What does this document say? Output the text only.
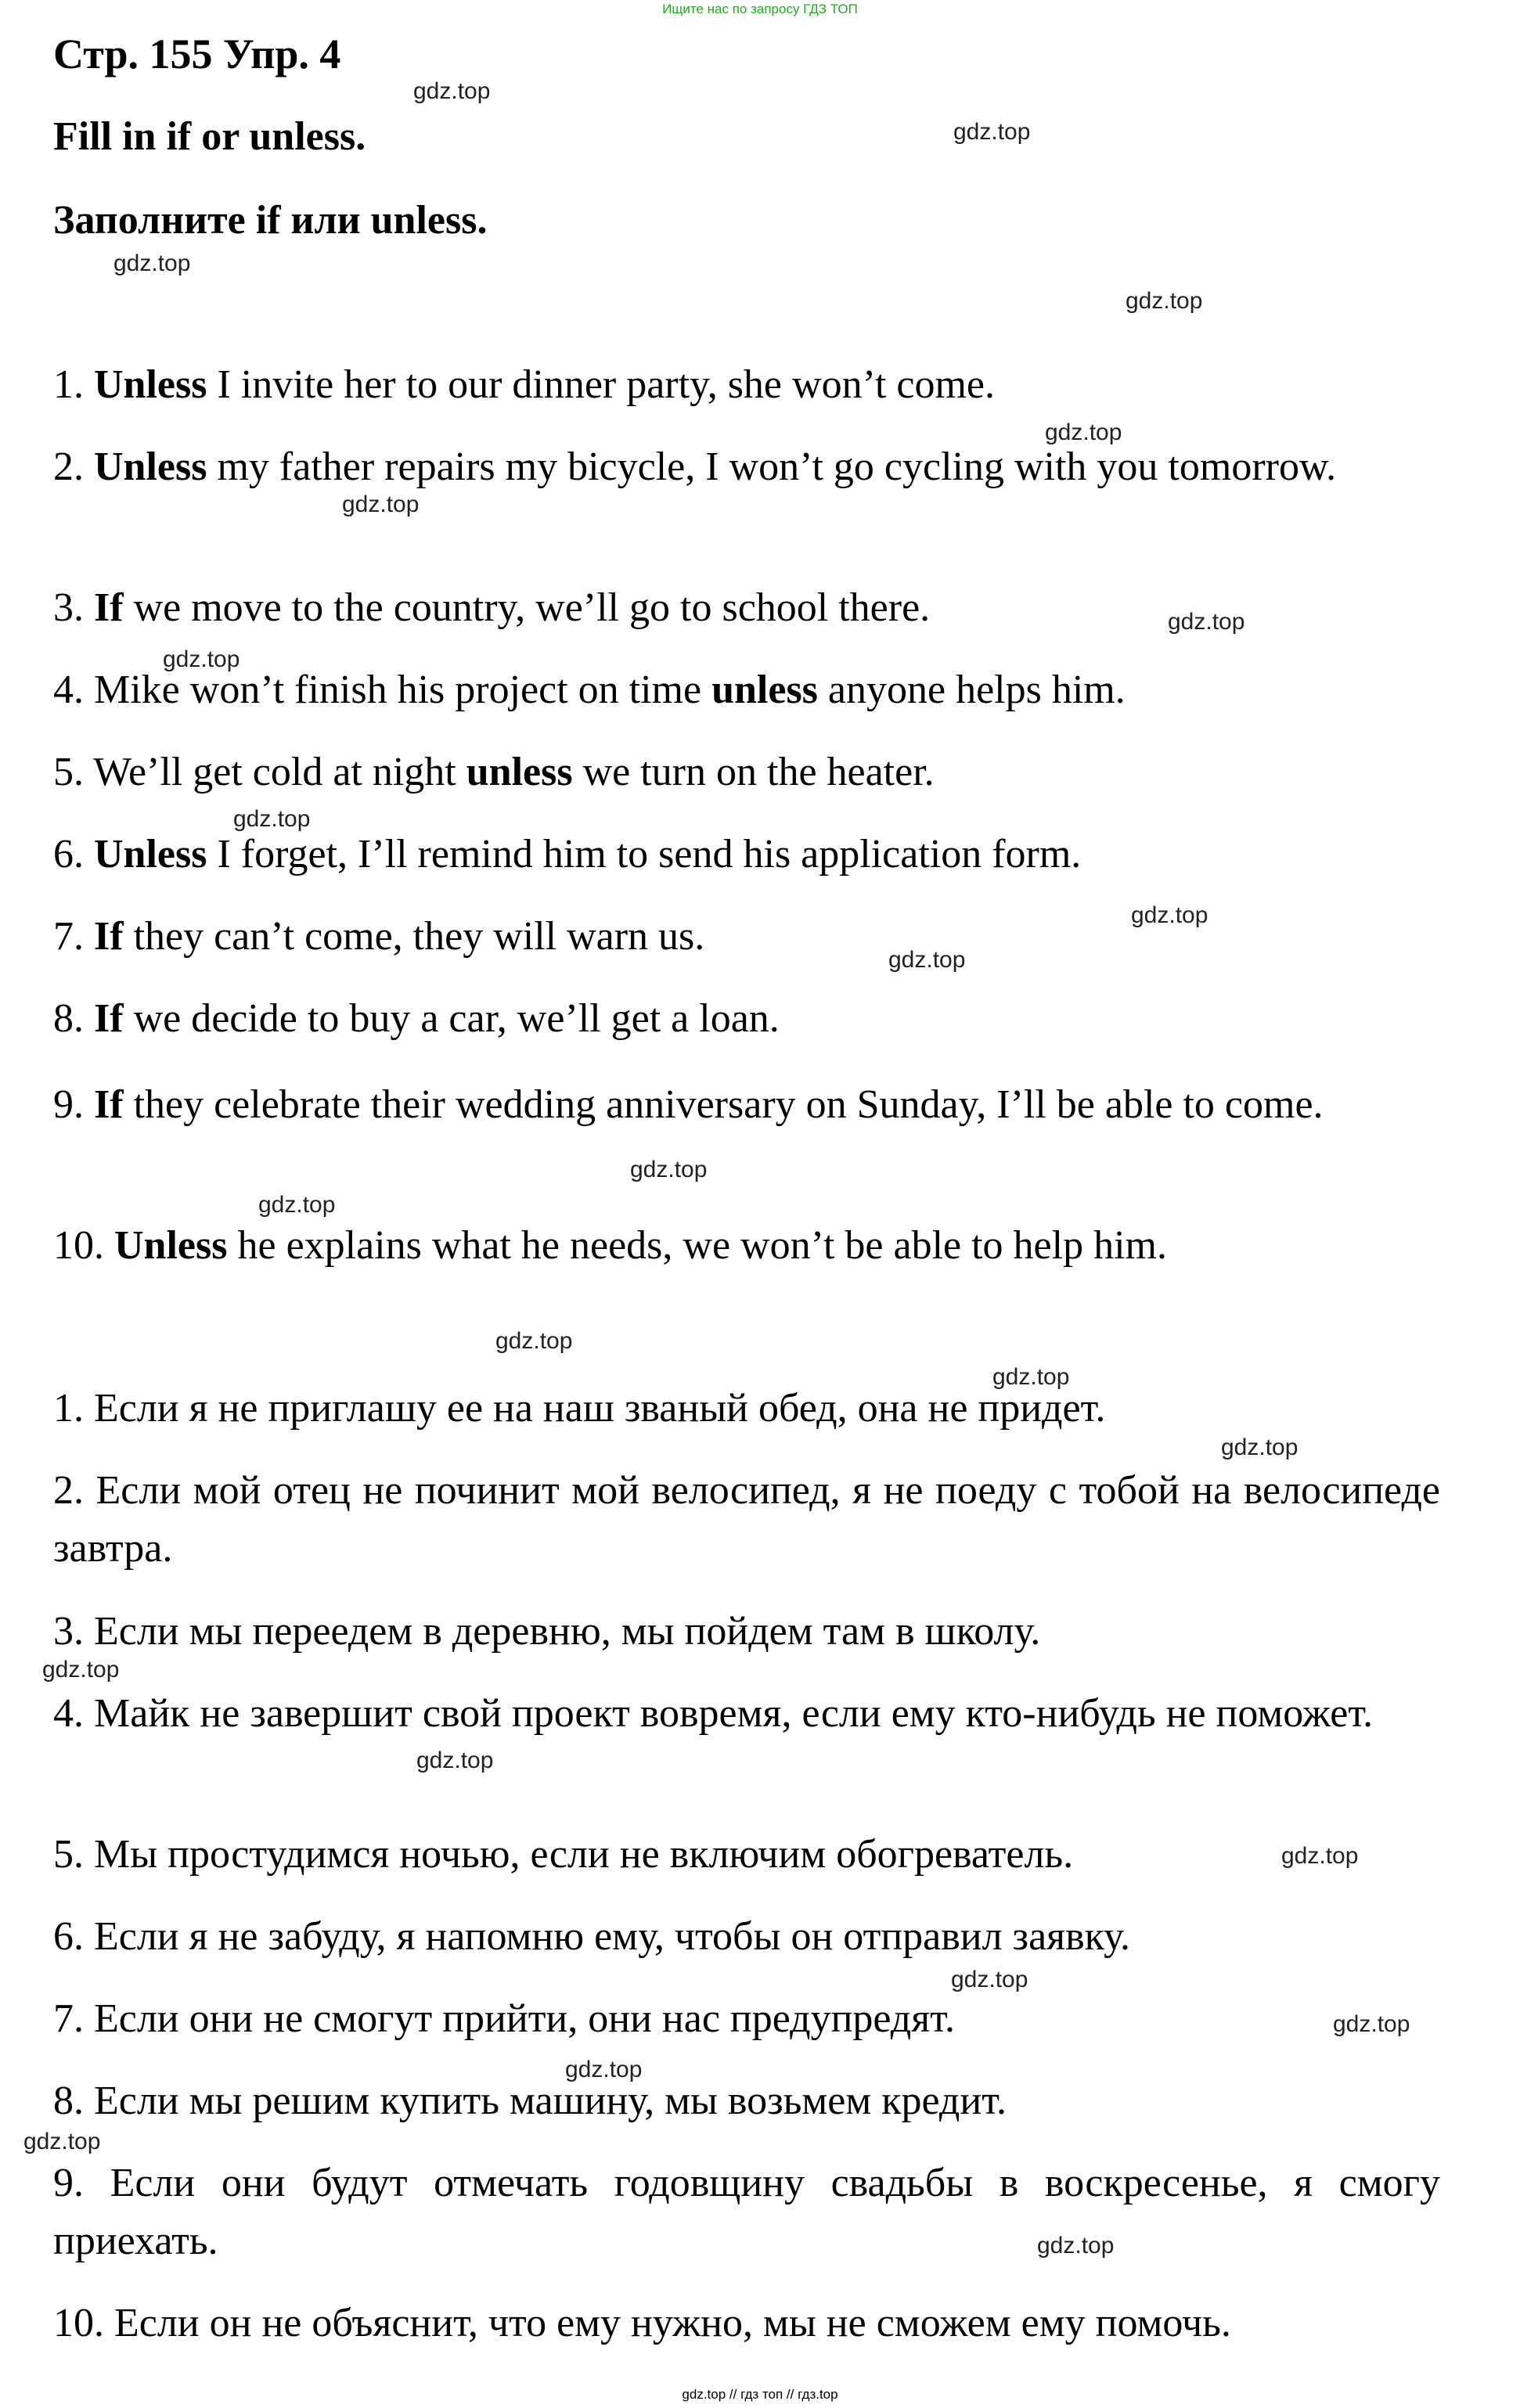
Ищите нас по запросу ГДЗ ТОП
Стр. 155 Упр. 4
Fill in if or unless.
Заполните if или unless.

1. Unless I invite her to our dinner party, she won’t come.

2. Unless my father repairs my bicycle, I won’t go cycling with you tomorrow.

3. If we move to the country, we’ll go to school there.

4. Mike won’t finish his project on time unless anyone helps him.

5. We’ll get cold at night unless we turn on the heater.

6. Unless I forget, I’ll remind him to send his application form.

7. If they can’t come, they will warn us.

8. If we decide to buy a car, we’ll get a loan.

9. If they celebrate their wedding anniversary on Sunday, I’ll be able to come.

10. Unless he explains what he needs, we won’t be able to help him.

1. Если я не приглашу ее на наш званый обед, она не придет.

2. Если мой отец не починит мой велосипед, я не поеду с тобой на велосипеде завтра.

3. Если мы переедем в деревню, мы пойдем там в школу.

4. Майк не завершит свой проект вовремя, если ему кто-нибудь не поможет.

5. Мы простудимся ночью, если не включим обогреватель.

6. Если я не забуду, я напомню ему, чтобы он отправил заявку.

7. Если они не смогут прийти, они нас предупредят.

8. Если мы решим купить машину, мы возьмем кредит.

9. Если они будут отмечать годовщину свадьбы в воскресенье, я смогу приехать.

10. Если он не объяснит, что ему нужно, мы не сможем ему помочь.

gdz.top
gdz.top
gdz.top
gdz.top
gdz.top
gdz.top
gdz.top
gdz.top
gdz.top
gdz.top
gdz.top
gdz.top
gdz.top
gdz.top
gdz.top
gdz.top
gdz.top
gdz.top
gdz.top
gdz.top
gdz.top
gdz.top
gdz.top
gdz.top
gdz.top // гдз топ // гдз.top
